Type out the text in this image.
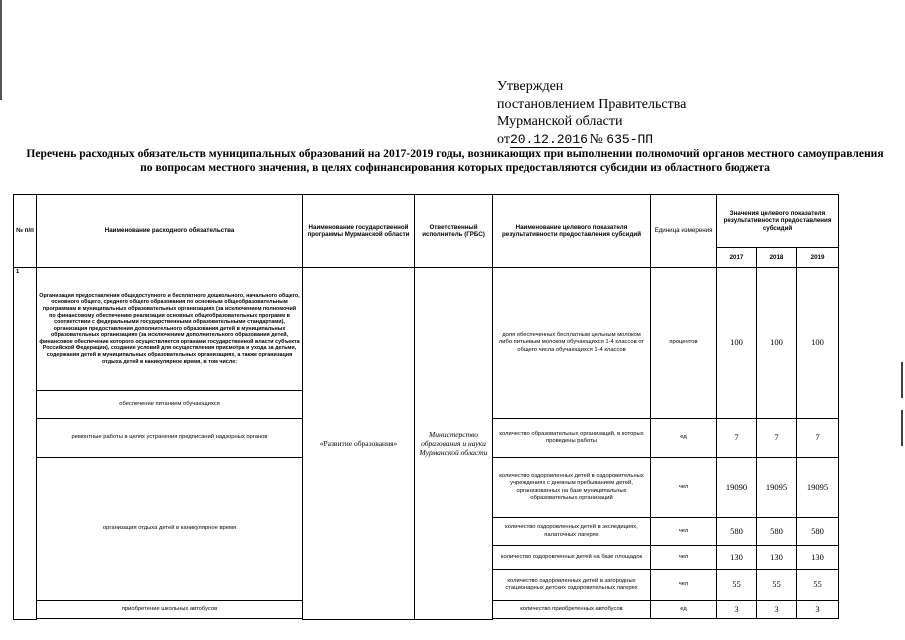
Утвержден
постановлением Правительства
Мурманской области
от20.12.2016 № 635-ПП
Перечень расходных обязательств муниципальных образований на 2017-2019 годы, возникающих при выполнении полномочий органов местного самоуправления по вопросам местного значения, в целях софинансирования которых предоставляются субсидии из областного бюджета
№ п/п	Наименование расходного обязательства	Наименование государственной программы Мурманской области	Ответственный исполнитель (ГРБС)	Наименование целевого показателя результативности предоставления субсидий	Единица измерения	Значения целевого показателя результативности предоставления субсидий		
						2017	2018	2019
1	Организация предоставления общедоступного и бесплатного дошкольного, начального общего, основного общего, среднего общего образования по основным общеобразовательным программам в муниципальных образовательных организациях (за исключением полномочий по финансовому обеспечению реализации основных общеобразовательных программ в соответствии с федеральными государственными образовательными стандартами), организация предоставления дополнительного образования детей в муниципальных образовательных организациях (за исключением дополнительного образования детей, финансовое обеспечение которого осуществляется органами государственной власти субъекта Российской Федерации), создание условий для осуществления присмотра и ухода за детьми, содержания детей в муниципальных образовательных организациях, а также организация отдыха детей в каникулярное время, в том числе:	«Развитие образования»	Министерство образования и науки Мурманской области	доля обеспеченных бесплатным цельным молоком либо питьевым молоком обучающихся 1-4 классов от общего числа обучающихся 1-4 классов	процентов	100	100	100
	обеспечение питанием обучающихся							
	ремонтные работы в целях устранения предписаний надзорных органов			количество образовательных организаций, в которых проведены работы	ед	7	7	7
	организация отдыха детей в каникулярное время			количество оздоровленных детей в оздоровительных учреждениях с дневным пребыванием детей, организованных на базе муниципальных образовательных организаций	чел	19090	19095	19095
				количество оздоровленных детей в экспедициях, палаточных лагерях	чел	580	580	580
				количество оздоровленных детей на базе площадок	чел	130	130	130
				количество оздоровленных детей в загородных стационарных детских оздоровительных лагерях	чел	55	55	55
	приобретение школьных автобусов			количество приобретенных автобусов	ед	3	3	3
